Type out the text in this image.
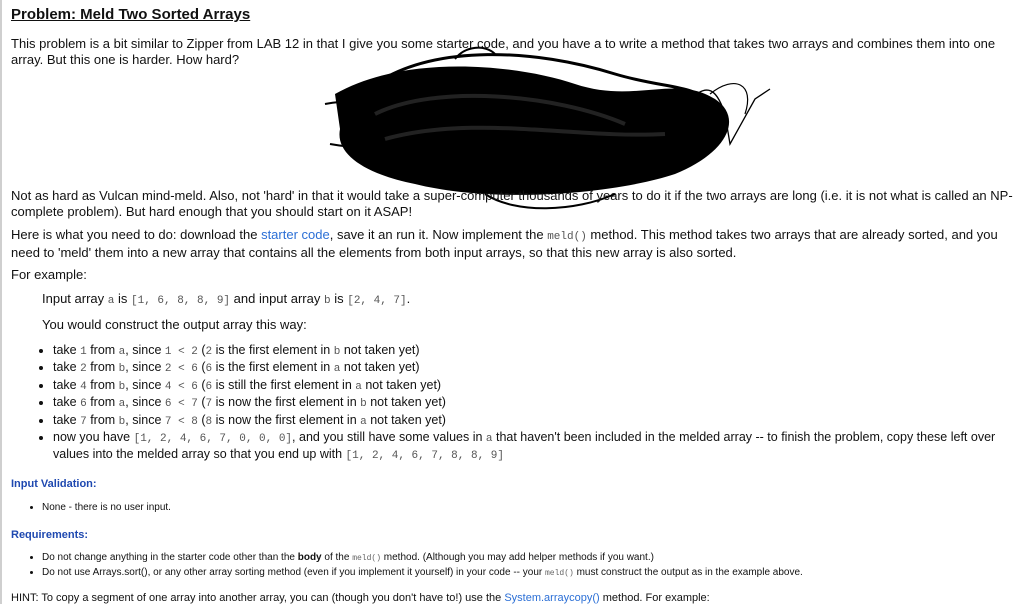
Problem: Meld Two Sorted Arrays

This problem is a bit similar to Zipper from LAB 12 in that I give you some starter code, and you have a to write a method that takes two arrays and combines them into one array. But this one is harder. How hard?

Not as hard as Vulcan mind-meld. Also, not 'hard' in that it would take a super-computer thousands of years to do it if the two arrays are long (i.e. it is not what is called an NP-complete problem). But hard enough that you should start on it ASAP!

Here is what you need to do: download the starter code, save it an run it. Now implement the meld() method. This method takes two arrays that are already sorted, and you need to 'meld' them into a new array that contains all the elements from both input arrays, so that this new array is also sorted.

For example:

Input array a is [1, 6, 8, 8, 9] and input array b is [2, 4, 7].

You would construct the output array this way:

• take 1 from a, since 1 < 2 (2 is the first element in b not taken yet)
• take 2 from b, since 2 < 6 (6 is the first element in a not taken yet)
• take 4 from b, since 4 < 6 (6 is still the first element in a not taken yet)
• take 6 from a, since 6 < 7 (7 is now the first element in b not taken yet)
• take 7 from b, since 7 < 8 (8 is now the first element in a not taken yet)
• now you have [1, 2, 4, 6, 7, 0, 0, 0], and you still have some values in a that haven't been included in the melded array -- to finish the problem, copy these left over values into the melded array so that you end up with [1, 2, 4, 6, 7, 8, 8, 9]
Input Validation:
• None - there is no user input.
Requirements:
• Do not change anything in the starter code other than the body of the meld() method. (Although you may add helper methods if you want.)
• Do not use Arrays.sort(), or any other array sorting method (even if you implement it yourself) in your code -- your meld() must construct the output as in the example above.

HINT: To copy a segment of one array into another array, you can (though you don't have to!) use the System.arraycopy() method. For example:
